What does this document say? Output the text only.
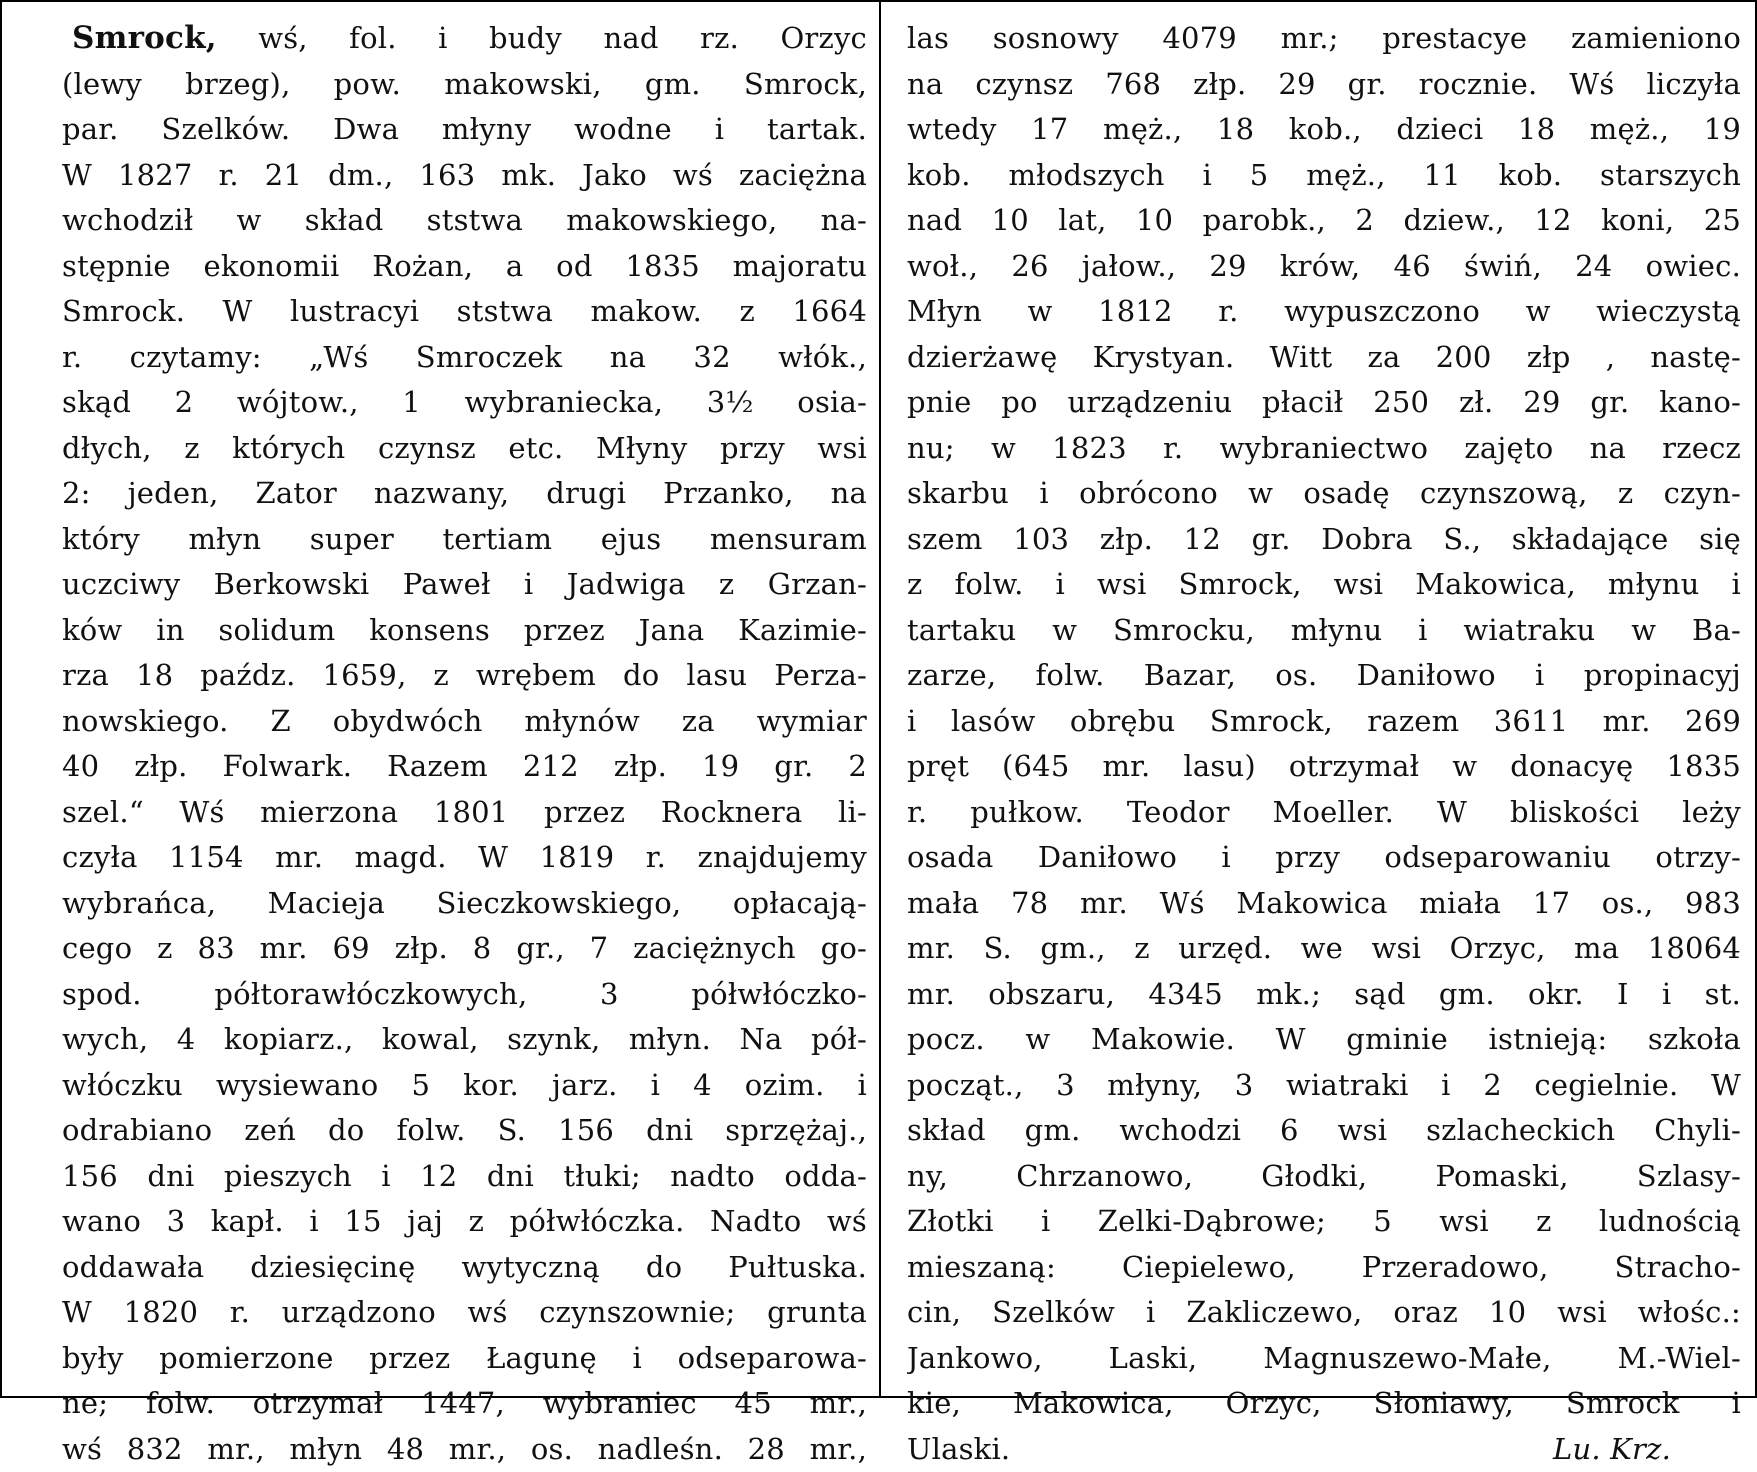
Smrock, wś, fol. i budy nad rz. Orzyc
(lewy brzeg), pow. makowski, gm. Smrock,
par. Szelków. Dwa młyny wodne i tartak.
W 1827 r. 21 dm., 163 mk. Jako wś zaciężna
wchodził w skład ststwa makowskiego, na-
stępnie ekonomii Rożan, a od 1835 majoratu
Smrock. W lustracyi ststwa makow. z 1664
r. czytamy: „Wś Smroczek na 32 włók.,
skąd 2 wójtow., 1 wybraniecka, 3½ osia-
dłych, z których czynsz etc. Młyny przy wsi
2: jeden, Zator nazwany, drugi Przanko, na
który młyn super tertiam ejus mensuram
uczciwy Berkowski Paweł i Jadwiga z Grzan-
ków in solidum konsens przez Jana Kazimie-
rza 18 paźdz. 1659, z wrębem do lasu Perza-
nowskiego. Z obydwóch młynów za wymiar
40 złp. Folwark. Razem 212 złp. 19 gr. 2
szel.“ Wś mierzona 1801 przez Rocknera li-
czyła 1154 mr. magd. W 1819 r. znajdujemy
wybrańca, Macieja Sieczkowskiego, opłacają-
cego z 83 mr. 69 złp. 8 gr., 7 zaciężnych go-
spod. półtorawłóczkowych, 3 półwłóczko-
wych, 4 kopiarz., kowal, szynk, młyn. Na pół-
włóczku wysiewano 5 kor. jarz. i 4 ozim. i
odrabiano zeń do folw. S. 156 dni sprzężaj.,
156 dni pieszych i 12 dni tłuki; nadto odda-
wano 3 kapł. i 15 jaj z półwłóczka. Nadto wś
oddawała dziesięcinę wytyczną do Pułtuska.
W 1820 r. urządzono wś czynszownie; grunta
były pomierzone przez Łagunę i odseparowa-
ne; folw. otrzymał 1447, wybraniec 45 mr.,
wś 832 mr., młyn 48 mr., os. nadleśn. 28 mr.,
las sosnowy 4079 mr.; prestacye zamieniono
na czynsz 768 złp. 29 gr. rocznie. Wś liczyła
wtedy 17 męż., 18 kob., dzieci 18 męż., 19
kob. młodszych i 5 męż., 11 kob. starszych
nad 10 lat, 10 parobk., 2 dziew., 12 koni, 25
woł., 26 jałow., 29 krów, 46 świń, 24 owiec.
Młyn w 1812 r. wypuszczono w wieczystą
dzierżawę Krystyan. Witt za 200 złp , nastę-
pnie po urządzeniu płacił 250 zł. 29 gr. kano-
nu; w 1823 r. wybraniectwo zajęto na rzecz
skarbu i obrócono w osadę czynszową, z czyn-
szem 103 złp. 12 gr. Dobra S., składające się
z folw. i wsi Smrock, wsi Makowica, młynu i
tartaku w Smrocku, młynu i wiatraku w Ba-
zarze, folw. Bazar, os. Daniłowo i propinacyj
i lasów obrębu Smrock, razem 3611 mr. 269
pręt (645 mr. lasu) otrzymał w donacyę 1835
r. pułkow. Teodor Moeller. W bliskości leży
osada Daniłowo i przy odseparowaniu otrzy-
mała 78 mr. Wś Makowica miała 17 os., 983
mr. S. gm., z urzęd. we wsi Orzyc, ma 18064
mr. obszaru, 4345 mk.; sąd gm. okr. I i st.
pocz. w Makowie. W gminie istnieją: szkoła
począt., 3 młyny, 3 wiatraki i 2 cegielnie. W
skład gm. wchodzi 6 wsi szlacheckich Chyli-
ny, Chrzanowo, Głodki, Pomaski, Szlasy-
Złotki i Zelki-Dąbrowe; 5 wsi z ludnością
mieszaną: Ciepielewo, Przeradowo, Stracho-
cin, Szelków i Zakliczewo, oraz 10 wsi włośc.:
Jankowo, Laski, Magnuszewo-Małe, M.-Wiel-
kie, Makowica, Orzyc, Słoniawy, Smrock i
Ulaski.	Lu. Krz.
